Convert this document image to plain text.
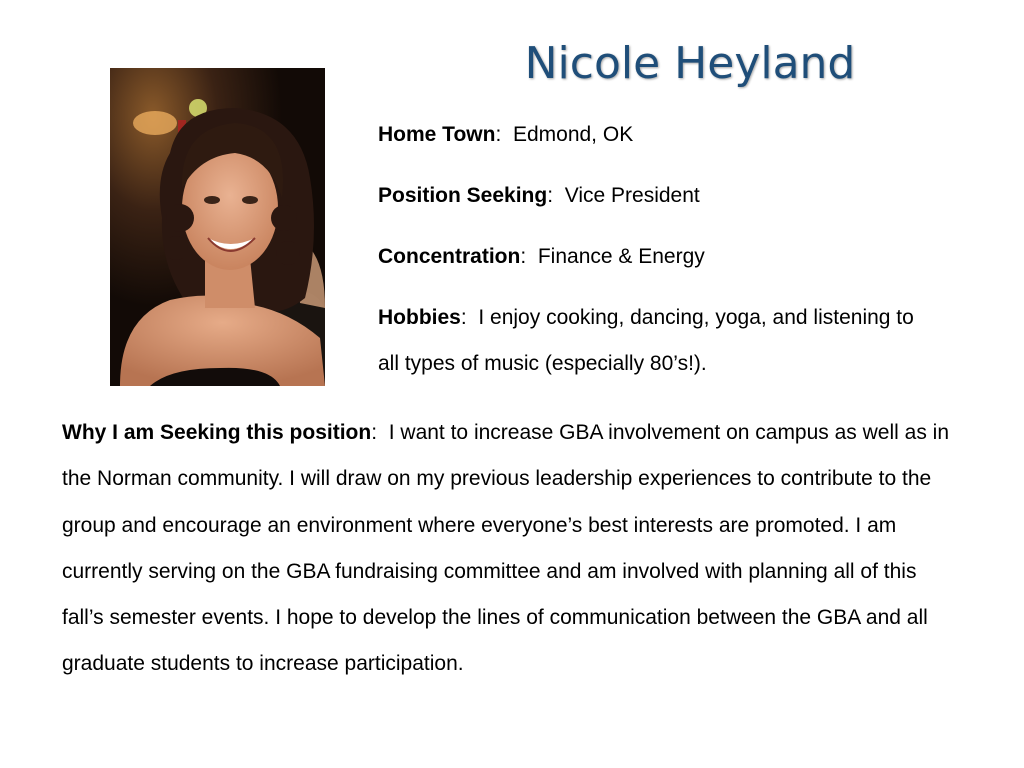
Nicole Heyland
Home Town:  Edmond, OK
Position Seeking:  Vice President
Concentration:  Finance & Energy
Hobbies:  I enjoy cooking, dancing, yoga, and listening to all types of music (especially 80’s!).
Why I am Seeking this position:  I want to increase GBA involvement on campus as well as in the Norman community. I will draw on my previous leadership experiences to contribute to the group and encourage an environment where everyone’s best interests are promoted. I am currently serving on the GBA fundraising committee and am involved with planning all of this fall’s semester events. I hope to develop the lines of communication between the GBA and all graduate students to increase participation.
